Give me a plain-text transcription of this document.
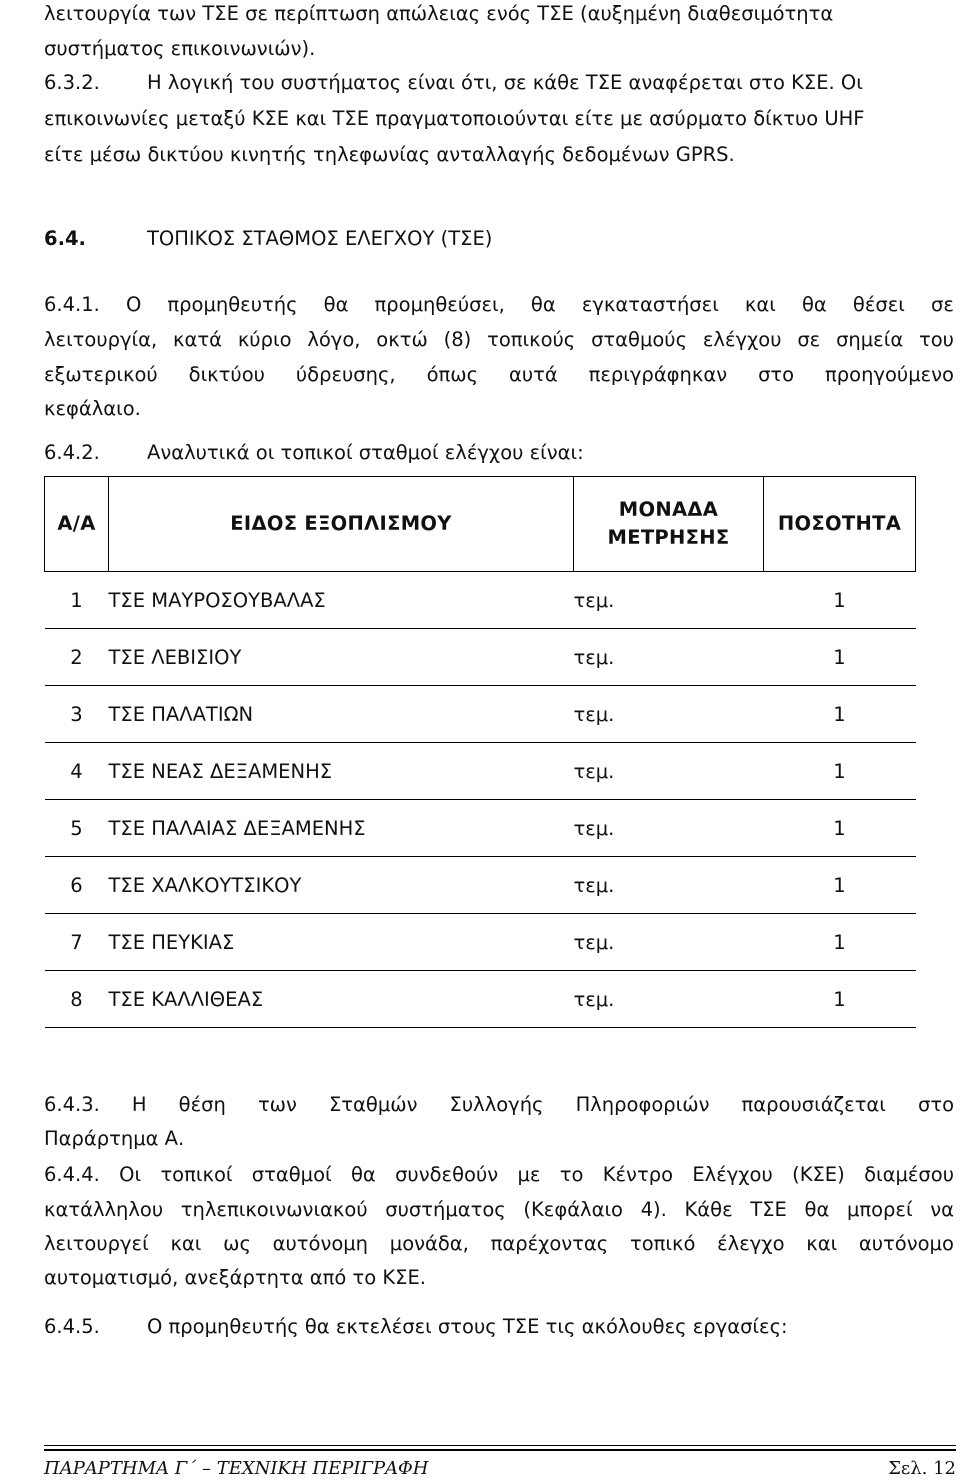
λειτουργία των ΤΣΕ σε περίπτωση απώλειας ενός ΤΣΕ (αυξημένη διαθεσιμότητα
συστήματος επικοινωνιών).
6.3.2. Η λογική του συστήματος είναι ότι, σε κάθε ΤΣΕ αναφέρεται στο ΚΣΕ. Οι
επικοινωνίες μεταξύ ΚΣΕ και ΤΣΕ πραγματοποιούνται είτε με ασύρματο δίκτυο UHF
είτε μέσω δικτύου κινητής τηλεφωνίας ανταλλαγής δεδομένων GPRS.
6.4.	ΤΟΠΙΚΟΣ ΣΤΑΘΜΟΣ ΕΛΕΓΧΟΥ (ΤΣΕ)
6.4.1. Ο προμηθευτής θα προμηθεύσει, θα εγκαταστήσει και θα θέσει σε
λειτουργία, κατά κύριο λόγο, οκτώ (8) τοπικούς σταθμούς ελέγχου σε σημεία του
εξωτερικού δικτύου ύδρευσης, όπως αυτά περιγράφηκαν στο προηγούμενο
κεφάλαιο.
6.4.2. Αναλυτικά οι τοπικοί σταθμοί ελέγχου είναι:
Α/Α	ΕΙΔΟΣ ΕΞΟΠΛΙΣΜΟΥ	ΜΟΝΑΔΑ
ΜΕΤΡΗΣΗΣ	ΠΟΣΟΤΗΤΑ
1	ΤΣΕ ΜΑΥΡΟΣΟΥΒΑΛΑΣ	τεμ.	1
2	ΤΣΕ ΛΕΒΙΣΙΟΥ	τεμ.	1
3	ΤΣΕ ΠΑΛΑΤΙΩΝ	τεμ.	1
4	ΤΣΕ ΝΕΑΣ ΔΕΞΑΜΕΝΗΣ	τεμ.	1
5	ΤΣΕ ΠΑΛΑΙΑΣ ΔΕΞΑΜΕΝΗΣ	τεμ.	1
6	ΤΣΕ ΧΑΛΚΟΥΤΣΙΚΟΥ	τεμ.	1
7	ΤΣΕ ΠΕΥΚΙΑΣ	τεμ.	1
8	ΤΣΕ ΚΑΛΛΙΘΕΑΣ	τεμ.	1
6.4.3. Η θέση των Σταθμών Συλλογής Πληροφοριών παρουσιάζεται στο
Παράρτημα Α.
6.4.4. Οι τοπικοί σταθμοί θα συνδεθούν με το Κέντρο Ελέγχου (ΚΣΕ) διαμέσου
κατάλληλου τηλεπικοινωνιακού συστήματος (Κεφάλαιο 4). Κάθε ΤΣΕ θα μπορεί να
λειτουργεί και ως αυτόνομη μονάδα, παρέχοντας τοπικό έλεγχο και αυτόνομο
αυτοματισμό, ανεξάρτητα από το ΚΣΕ.
6.4.5. Ο προμηθευτής θα εκτελέσει στους ΤΣΕ τις ακόλουθες εργασίες:
ΠΑΡΑΡΤΗΜΑ Γ΄ – ΤΕΧΝΙΚΗ ΠΕΡΙΓΡΑΦΗ	Σελ. 12
